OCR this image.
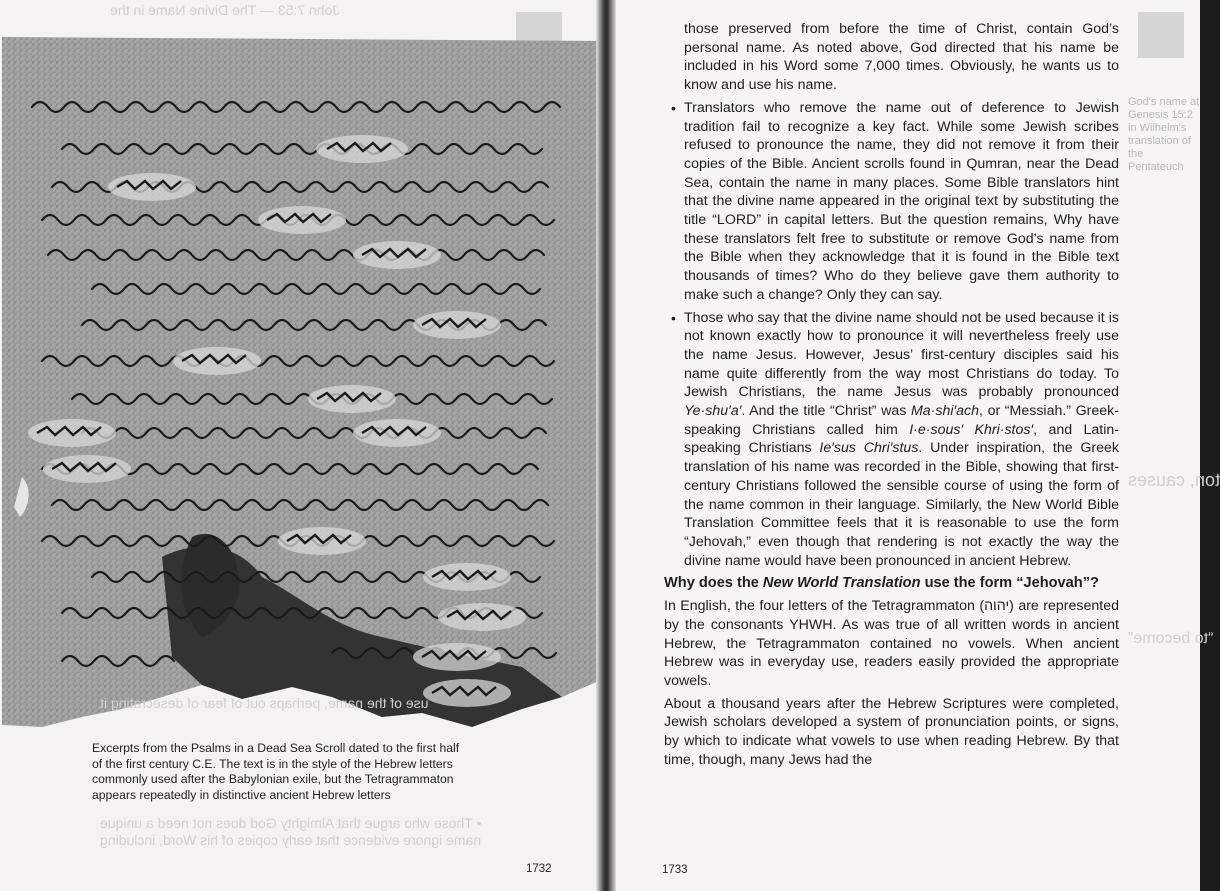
John 7:53 — The Divine Name in the
use of the name, perhaps out of fear of desecrating it
• Those who argue that Almighty God does not need a unique
name ignore evidence that early copies of his Word, including
Excerpts from the Psalms in a Dead Sea Scroll dated to the first half
of the first century C.E. The text is in the style of the Hebrew letters
commonly used after the Babylonian exile, but the Tetragrammaton
appears repeatedly in distinctive ancient Hebrew letters
1732
God's name at Genesis 15:2 in Wilhelm's translation of the Pentateuch
ton, causes
“to become”

those preserved from before the time of Christ, contain God’s personal name. As noted above, God directed that his name be included in his Word some 7,000 times. Obviously, he wants us to know and use his name.

• Translators who remove the name out of deference to Jewish tradition fail to recognize a key fact. While some Jewish scribes refused to pronounce the name, they did not remove it from their copies of the Bible. Ancient scrolls found in Qumran, near the Dead Sea, contain the name in many places. Some Bible translators hint that the divine name appeared in the original text by substituting the title “LORD” in capital letters. But the question remains, Why have these translators felt free to substitute or remove God’s name from the Bible when they acknowledge that it is found in the Bible text thousands of times? Who do they believe gave them authority to make such a change? Only they can say.
• Those who say that the divine name should not be used because it is not known exactly how to pronounce it will nevertheless freely use the name Jesus. However, Jesus’ first-century disciples said his name quite differently from the way most Christians do today. To Jewish Christians, the name Jesus was probably pronounced Ye·shu′a′. And the title “Christ” was Ma·shi′ach, or “Messiah.” Greek-speaking Christians called him I·e·sous′ Khri·stos′, and Latin-speaking Christians Ie′sus Chri′stus. Under inspiration, the Greek translation of his name was recorded in the Bible, showing that first-century Christians followed the sensible course of using the form of the name common in their language. Similarly, the New World Bible Translation Committee feels that it is reasonable to use the form “Jehovah,” even though that rendering is not exactly the way the divine name would have been pronounced in ancient Hebrew.

Why does the New World Translation use the form “Jehovah”?

In English, the four letters of the Tetragrammaton (יהוה) are represented by the consonants YHWH. As was true of all written words in ancient Hebrew, the Tetragrammaton contained no vowels. When ancient Hebrew was in everyday use, readers easily provided the appropriate vowels.

About a thousand years after the Hebrew Scriptures were completed, Jewish scholars developed a system of pronunciation points, or signs, by which to indicate what vowels to use when reading Hebrew. By that time, though, many Jews had the

1733
